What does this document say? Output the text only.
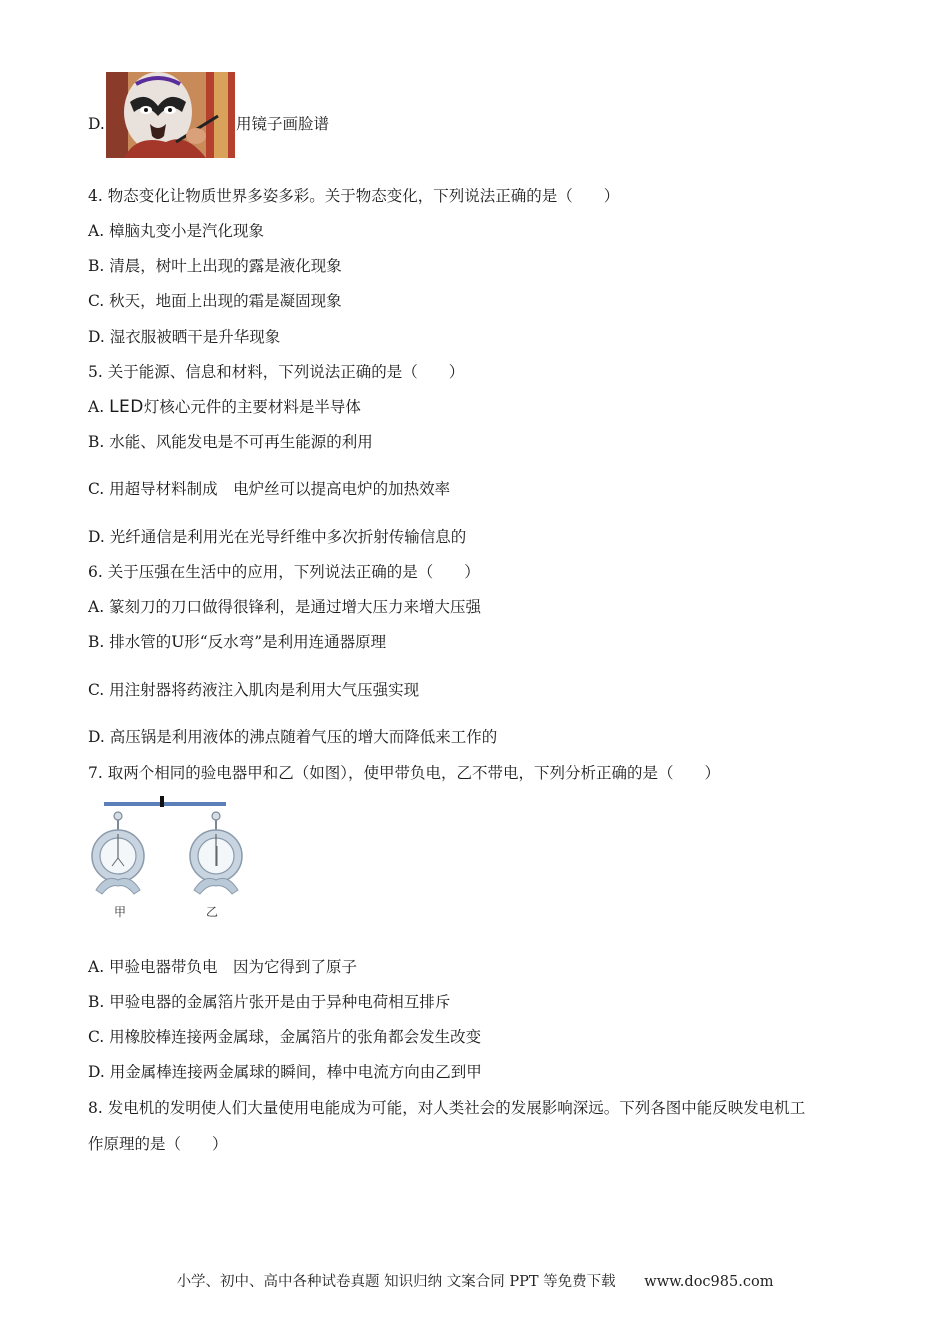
D.	用镜子画脸谱
4. 物态变化让物质世界多姿多彩。关于物态变化，下列说法正确的是（　　）
A. 樟脑丸变小是汽化现象
B. 清晨，树叶上出现的露是液化现象
C. 秋天，地面上出现的霜是凝固现象
D. 湿衣服被晒干是升华现象
5. 关于能源、信息和材料，下列说法正确的是（　　）
A. LED灯核心元件的主要材料是半导体
B. 水能、风能发电是不可再生能源的利用
C. 用超导材料制成　电炉丝可以提高电炉的加热效率
D. 光纤通信是利用光在光导纤维中多次折射传输信息的
6. 关于压强在生活中的应用，下列说法正确的是（　　）
A. 篆刻刀的刀口做得很锋利，是通过增大压力来增大压强
B. 排水管的U形“反水弯”是利用连通器原理
C. 用注射器将药液注入肌肉是利用大气压强实现
D. 高压锅是利用液体的沸点随着气压的增大而降低来工作的
7. 取两个相同的验电器甲和乙（如图），使甲带负电，乙不带电，下列分析正确的是（　　）
甲	乙
A. 甲验电器带负电　因为它得到了原子
B. 甲验电器的金属箔片张开是由于异种电荷相互排斥
C. 用橡胶棒连接两金属球，金属箔片的张角都会发生改变
D. 用金属棒连接两金属球的瞬间，棒中电流方向由乙到甲
8. 发电机的发明使人们大量使用电能成为可能，对人类社会的发展影响深远。下列各图中能反映发电机工
作原理的是（　　）
小学、初中、高中各种试卷真题 知识归纳 文案合同 PPT 等免费下载 www.doc985.com
